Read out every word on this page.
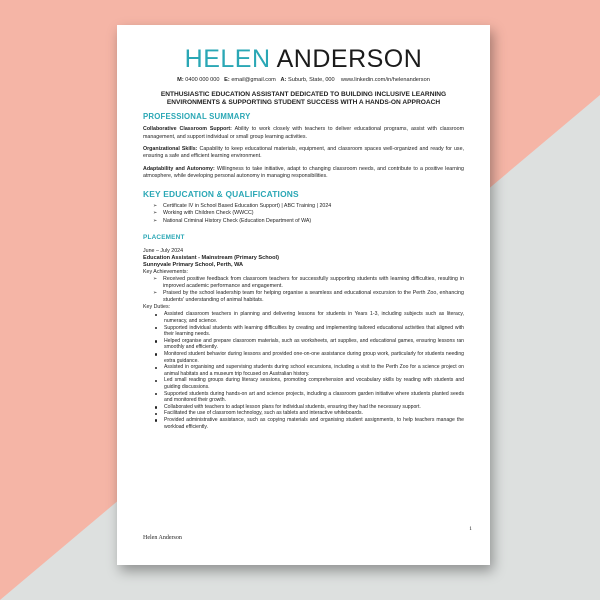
HELEN ANDERSON
M: 0400 000 000 E: email@gmail.com A: Suburb, State, 000 www.linkedin.com/in/helenanderson
ENTHUSIASTIC EDUCATION ASSISTANT DEDICATED TO BUILDING INCLUSIVE LEARNING ENVIRONMENTS & SUPPORTING STUDENT SUCCESS WITH A HANDS-ON APPROACH
PROFESSIONAL SUMMARY

Collaborative Classroom Support: Ability to work closely with teachers to deliver educational programs, assist with classroom management, and support individual or small group learning activities.

Organizational Skills: Capability to keep educational materials, equipment, and classroom spaces well-organized and ready for use, ensuring a safe and efficient learning environment.

Adaptability and Autonomy: Willingness to take initiative, adapt to changing classroom needs, and contribute to a positive learning atmosphere, while developing personal autonomy in managing responsibilities.

KEY EDUCATION & QUALIFICATIONS
➢ Certificate IV in School Based Education Support) | ABC Training | 2024
➢ Working with Children Check (WWCC)
➢ National Criminal History Check (Education Department of WA)
PLACEMENT
June – July 2024
Education Assistant - Mainstream (Primary School)
Sunnyvale Primary School, Perth, WA
Key Achievements:
➢ Received positive feedback from classroom teachers for successfully supporting students with learning difficulties, resulting in improved academic performance and engagement.
➢ Praised by the school leadership team for helping organise a seamless and educational excursion to the Perth Zoo, enhancing students' understanding of animal habitats.
Key Duties:
Assisted classroom teachers in planning and delivering lessons for students in Years 1-3, including subjects such as literacy, numeracy, and science.
Supported individual students with learning difficulties by creating and implementing tailored educational activities that aligned with their learning needs.
Helped organise and prepare classroom materials, such as worksheets, art supplies, and educational games, ensuring lessons ran smoothly and efficiently.
Monitored student behavior during lessons and provided one-on-one assistance during group work, particularly for students needing extra guidance.
Assisted in organising and supervising students during school excursions, including a visit to the Perth Zoo for a science project on animal habitats and a museum trip focused on Australian history.
Led small reading groups during literacy sessions, promoting comprehension and vocabulary skills by reading with students and guiding discussions.
Supported students during hands-on art and science projects, including a classroom garden initiative where students planted seeds and monitored their growth.
Collaborated with teachers to adapt lesson plans for individual students, ensuring they had the necessary support.
Facilitated the use of classroom technology, such as tablets and interactive whiteboards.
Provided administrative assistance, such as copying materials and organising student assignments, to help teachers manage the workload efficiently.
1
Helen Anderson
